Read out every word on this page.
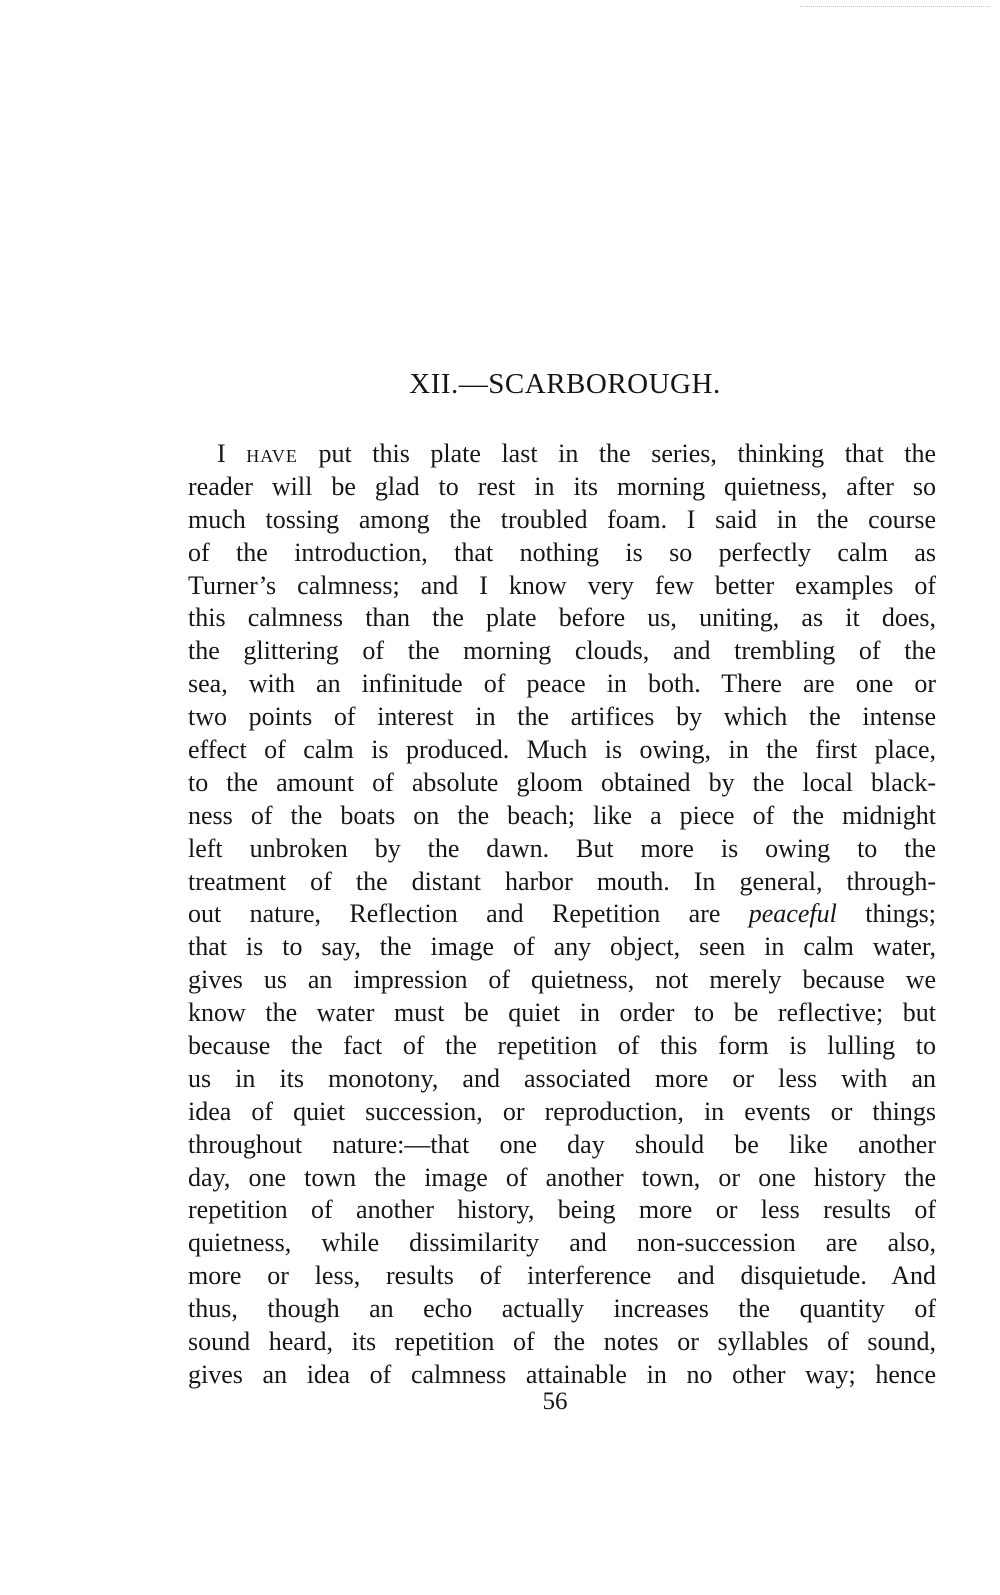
XII.—SCARBOROUGH.
I have put this plate last in the series, thinking that the
reader will be glad to rest in its morning quietness, after so
much tossing among the troubled foam. I said in the course
of the introduction, that nothing is so perfectly calm as
Turner’s calmness; and I know very few better examples of
this calmness than the plate before us, uniting, as it does,
the glittering of the morning clouds, and trembling of the
sea, with an infinitude of peace in both. There are one or
two points of interest in the artifices by which the intense
effect of calm is produced. Much is owing, in the first place,
to the amount of absolute gloom obtained by the local black-
ness of the boats on the beach; like a piece of the midnight
left unbroken by the dawn. But more is owing to the
treatment of the distant harbor mouth. In general, through-
out nature, Reflection and Repetition are peaceful things;
that is to say, the image of any object, seen in calm water,
gives us an impression of quietness, not merely because we
know the water must be quiet in order to be reflective; but
because the fact of the repetition of this form is lulling to
us in its monotony, and associated more or less with an
idea of quiet succession, or reproduction, in events or things
throughout nature:—that one day should be like another
day, one town the image of another town, or one history the
repetition of another history, being more or less results of
quietness, while dissimilarity and non-succession are also,
more or less, results of interference and disquietude. And
thus, though an echo actually increases the quantity of
sound heard, its repetition of the notes or syllables of sound,
gives an idea of calmness attainable in no other way; hence
56
